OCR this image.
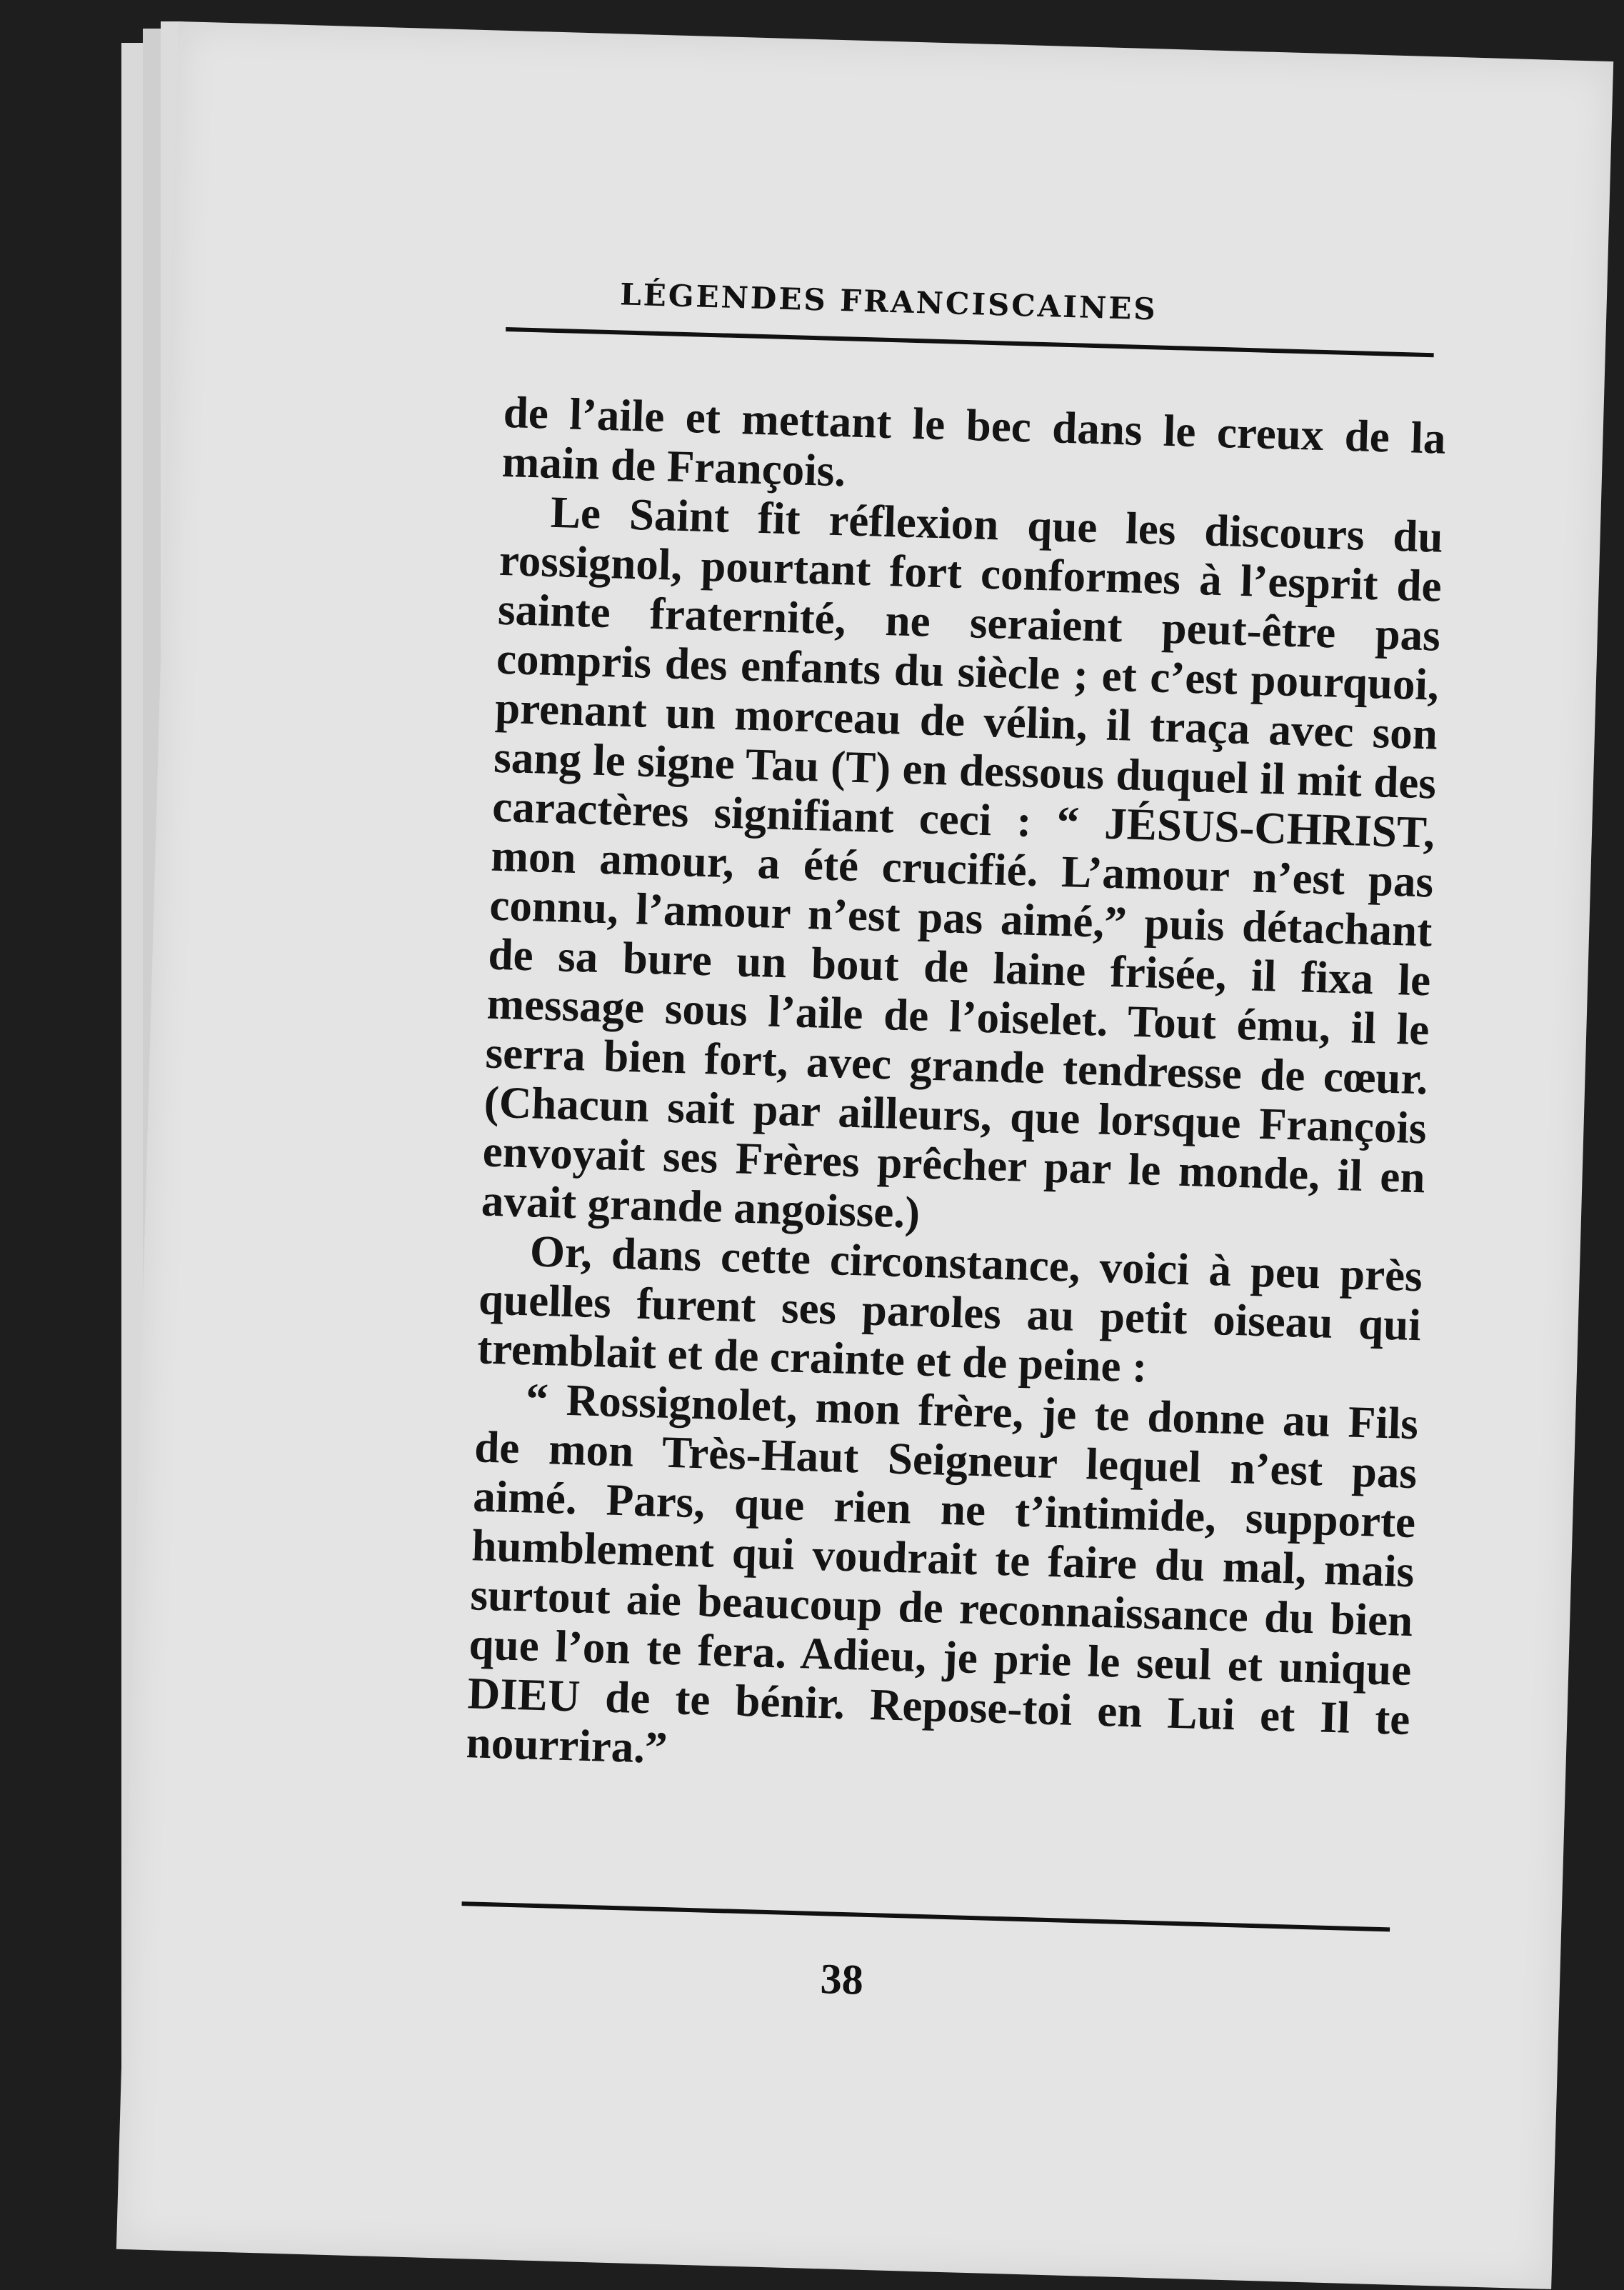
LÉGENDES FRANCISCAINES

de l’aile et mettant le bec dans le creux de la main de François.

Le Saint fit réflexion que les discours du rossignol, pourtant fort conformes à l’esprit de sainte fraternité, ne seraient peut-être pas compris des enfants du siècle ; et c’est pourquoi, prenant un morceau de vélin, il traça avec son sang le signe Tau (T) en dessous duquel il mit des caractères signifiant ceci : “ JÉSUS-CHRIST, mon amour, a été crucifié. L’amour n’est pas connu, l’amour n’est pas aimé,” puis détachant de sa bure un bout de laine frisée, il fixa le message sous l’aile de l’oiselet. Tout ému, il le serra bien fort, avec grande tendresse de cœur. (Chacun sait par ailleurs, que lorsque François envoyait ses Frères prêcher par le monde, il en avait grande angoisse.)

Or, dans cette circonstance, voici à peu près quelles furent ses paroles au petit oiseau qui tremblait et de crainte et de peine :

“ Rossignolet, mon frère, je te donne au Fils de mon Très-Haut Seigneur lequel n’est pas aimé. Pars, que rien ne t’intimide, supporte humblement qui voudrait te faire du mal, mais surtout aie beaucoup de reconnaissance du bien que l’on te fera. Adieu, je prie le seul et unique DIEU de te bénir. Repose-toi en Lui et Il te nourrira.”

38
